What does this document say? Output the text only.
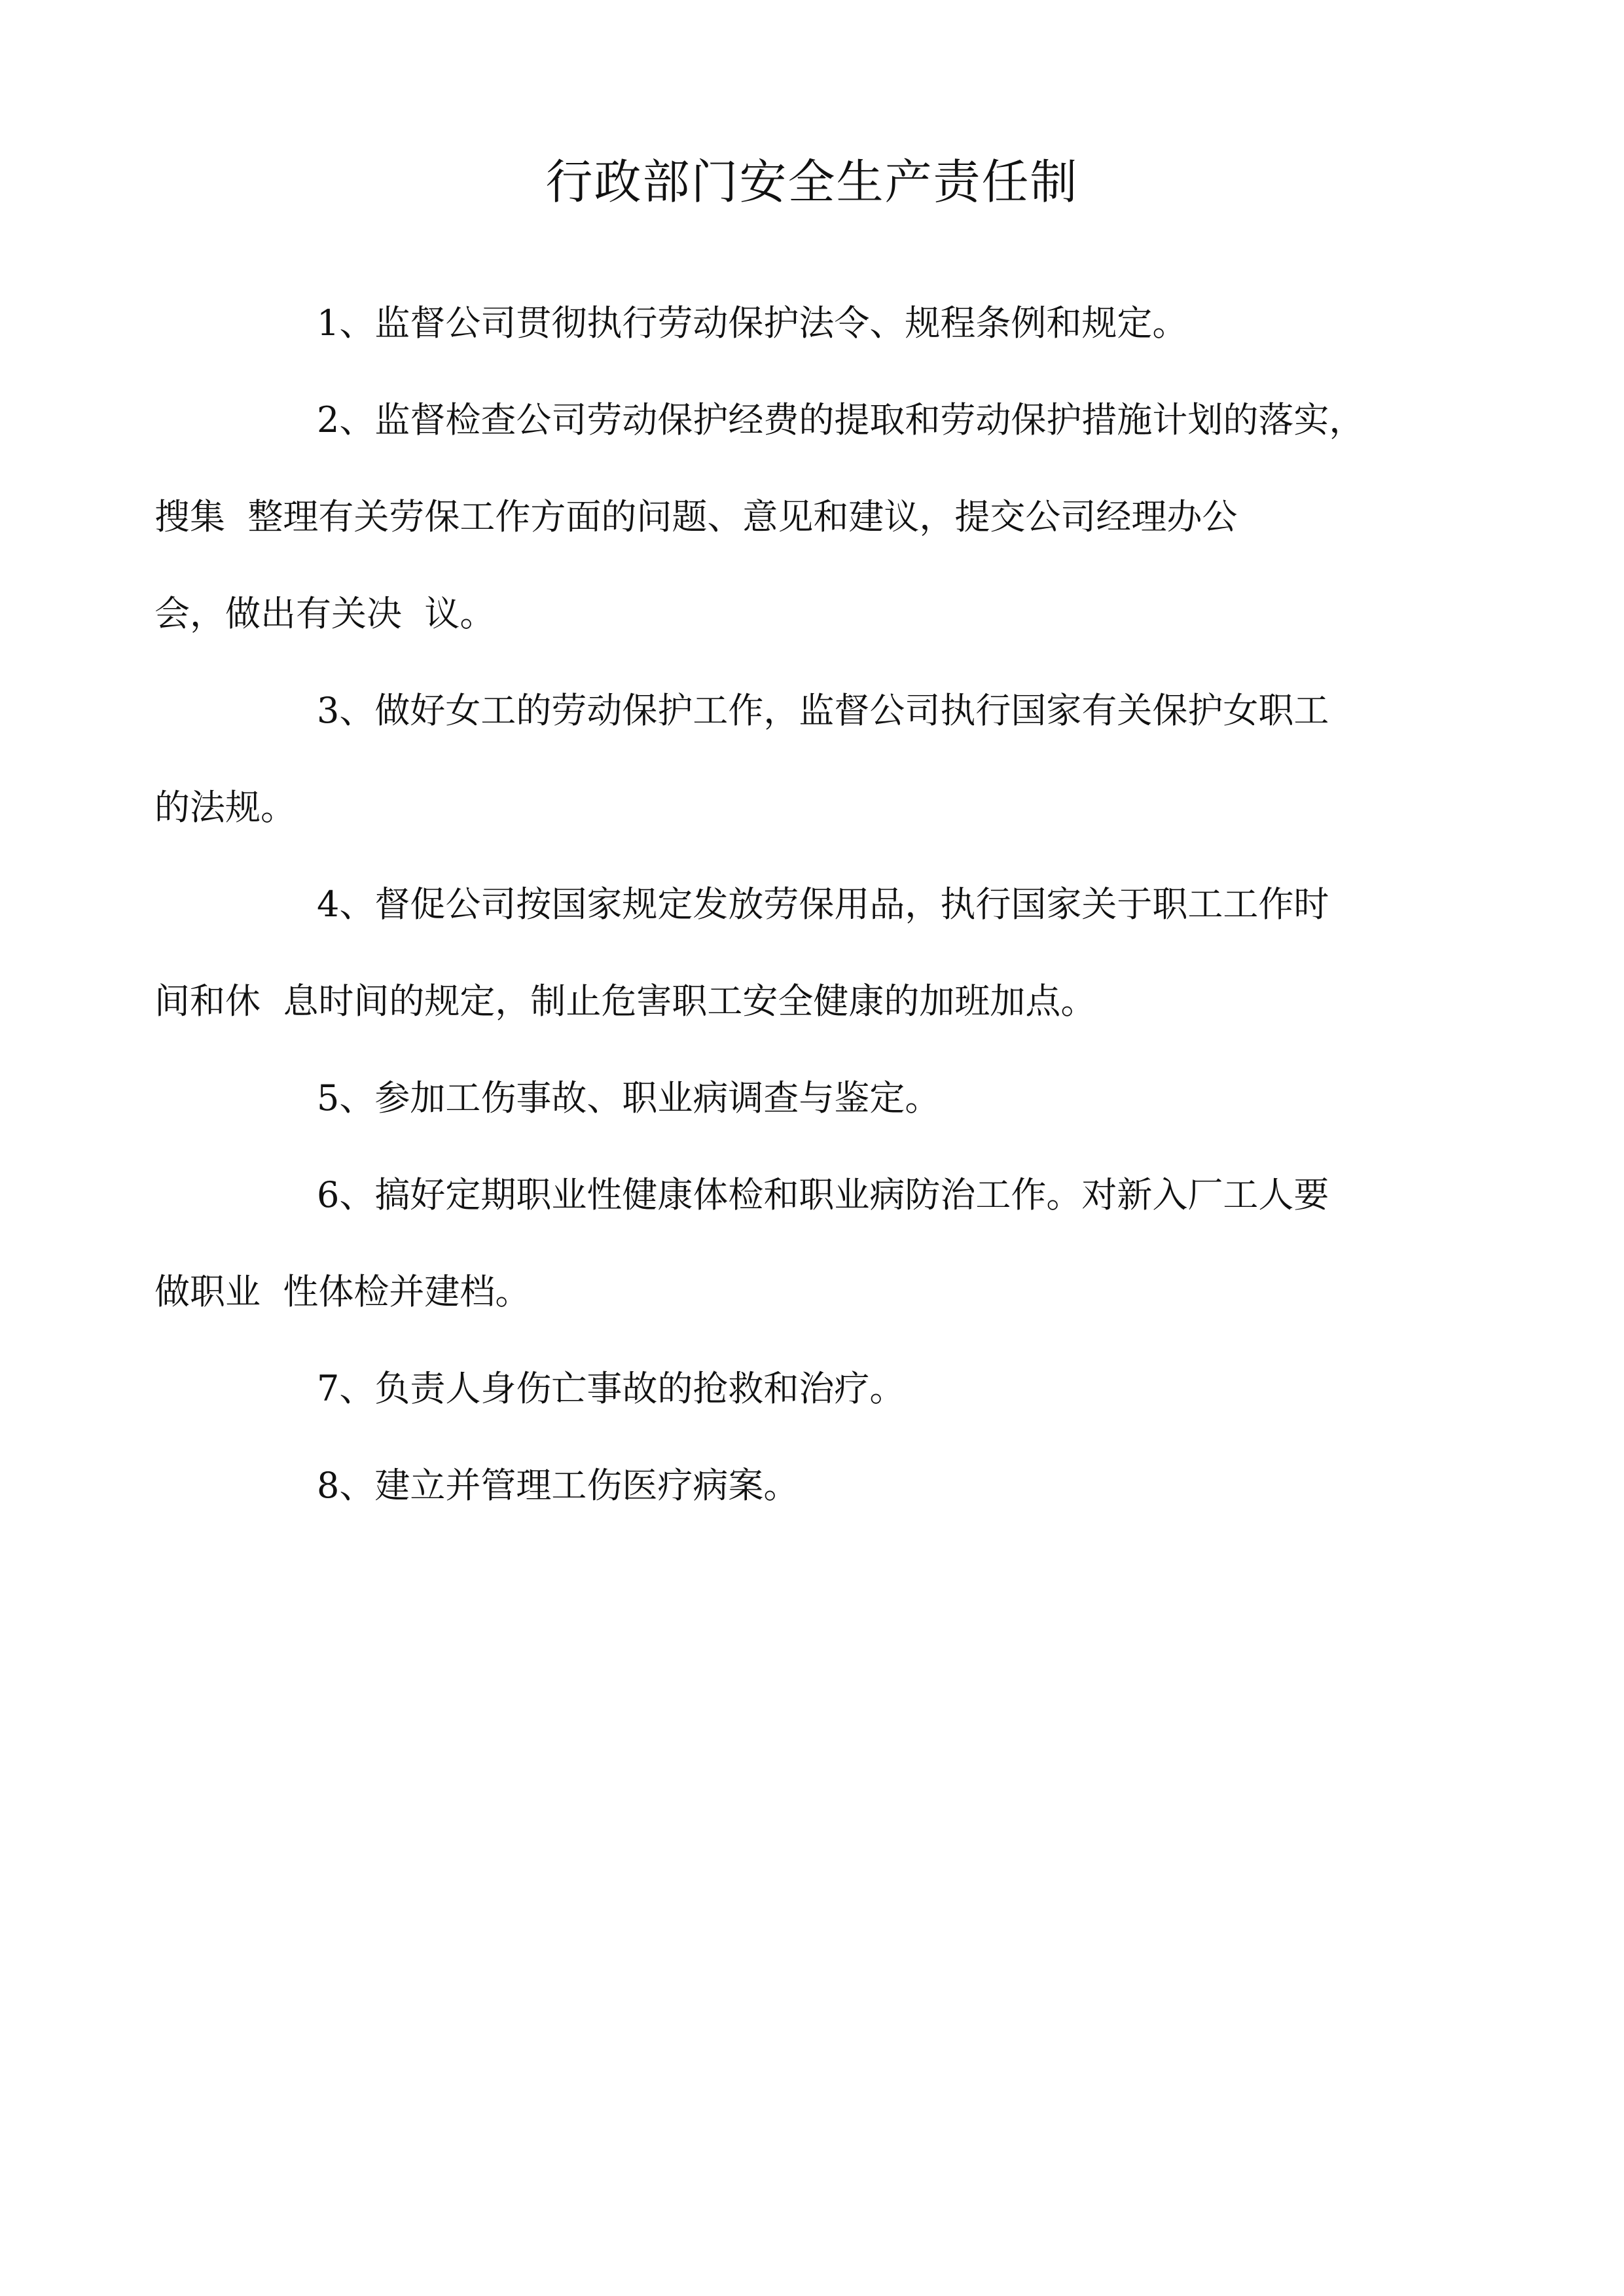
行政部门安全生产责任制

1、监督公司贯彻执行劳动保护法令、规程条例和规定。

2、监督检查公司劳动保护经费的提取和劳动保护措施计划的落实，
搜集  整理有关劳保工作方面的问题、意见和建议，提交公司经理办公
会，做出有关决  议。

3、做好女工的劳动保护工作，监督公司执行国家有关保护女职工
的法规。

4、督促公司按国家规定发放劳保用品，执行国家关于职工工作时
间和休  息时间的规定，制止危害职工安全健康的加班加点。

5、参加工伤事故、职业病调查与鉴定。

6、搞好定期职业性健康体检和职业病防治工作。对新入厂工人要
做职业  性体检并建档。

7、负责人身伤亡事故的抢救和治疗。

8、建立并管理工伤医疗病案。
